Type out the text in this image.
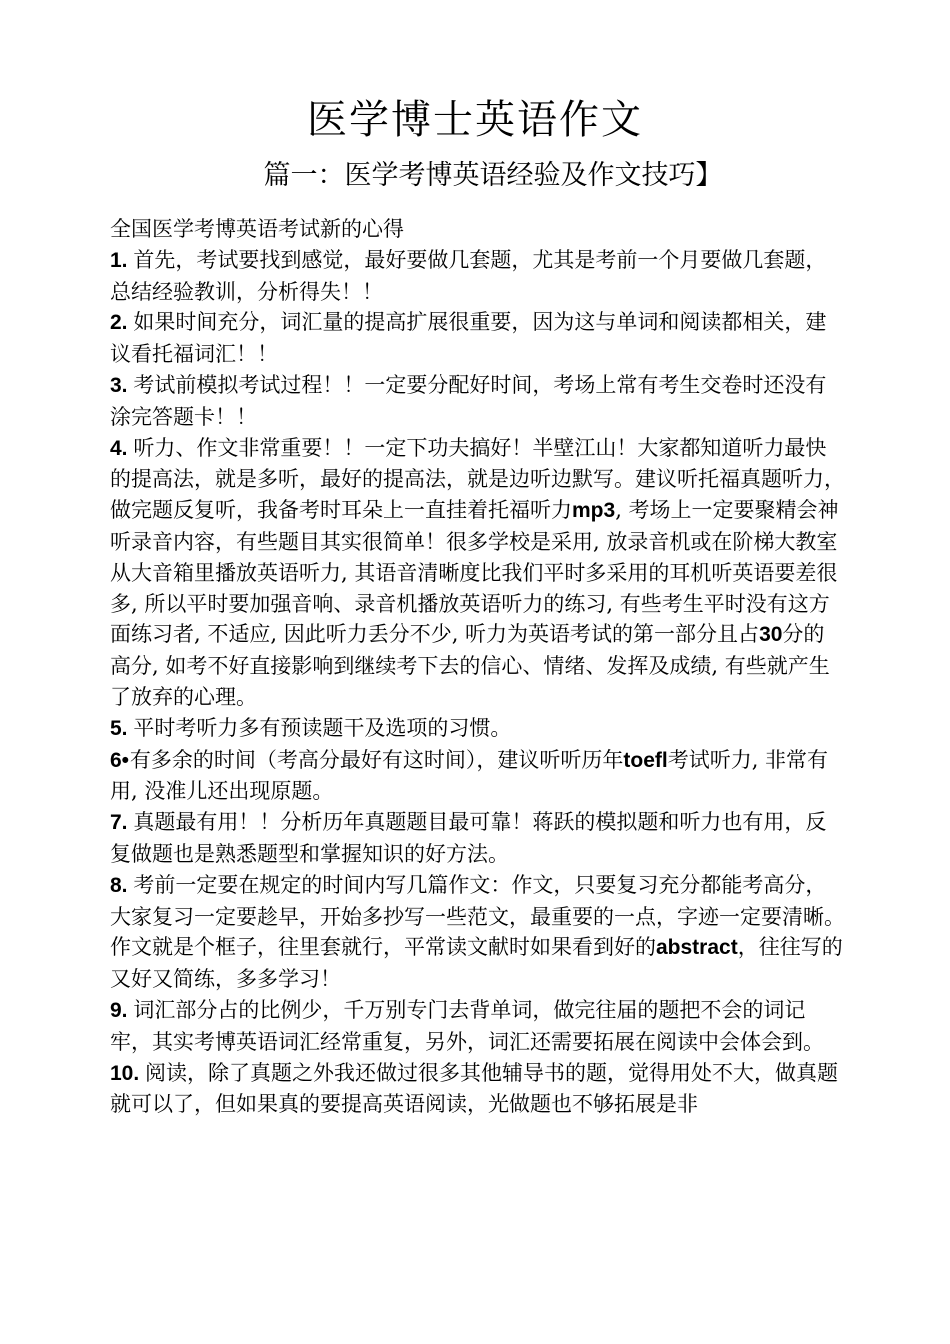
医学博士英语作文
篇一：医学考博英语经验及作文技巧】

全国医学考博英语考试新的心得

1. 首先，考试要找到感觉，最好要做几套题，尤其是考前一个月要做几套题，总结经验教训，分析得失！！

2. 如果时间充分，词汇量的提高扩展很重要，因为这与单词和阅读都相关，建议看托福词汇！！

3. 考试前模拟考试过程！！一定要分配好时间，考场上常有考生交卷时还没有涂完答题卡！！

4. 听力、作文非常重要！！一定下功夫搞好！半壁江山！大家都知道听力最快的提高法，就是多听，最好的提高法，就是边听边默写。建议听托福真题听力，做完题反复听，我备考时耳朵上一直挂着托福听力mp3, 考场上一定要聚精会神听录音内容，有些题目其实很简单！很多学校是采用, 放录音机或在阶梯大教室从大音箱里播放英语听力, 其语音清晰度比我们平时多采用的耳机听英语要差很多, 所以平时要加强音响、录音机播放英语听力的练习, 有些考生平时没有这方面练习者, 不适应, 因此听力丢分不少, 听力为英语考试的第一部分且占30分的高分, 如考不好直接影响到继续考下去的信心、情绪、发挥及成绩, 有些就产生了放弃的心理。

5. 平时考听力多有预读题干及选项的习惯。

6•有多余的时间（考高分最好有这时间），建议听听历年toefl考试听力, 非常有用, 没准儿还出现原题。

7. 真题最有用！！分析历年真题题目最可靠！蒋跃的模拟题和听力也有用，反复做题也是熟悉题型和掌握知识的好方法。

8. 考前一定要在规定的时间内写几篇作文：作文，只要复习充分都能考高分，大家复习一定要趁早，开始多抄写一些范文，最重要的一点，字迹一定要清晰。作文就是个框子，往里套就行，平常读文献时如果看到好的abstract，往往写的又好又简练，多多学习！

9. 词汇部分占的比例少，千万别专门去背单词，做完往届的题把不会的词记牢，其实考博英语词汇经常重复，另外，词汇还需要拓展在阅读中会体会到。

10. 阅读，除了真题之外我还做过很多其他辅导书的题，觉得用处不大，做真题就可以了，但如果真的要提高英语阅读，光做题也不够拓展是非
